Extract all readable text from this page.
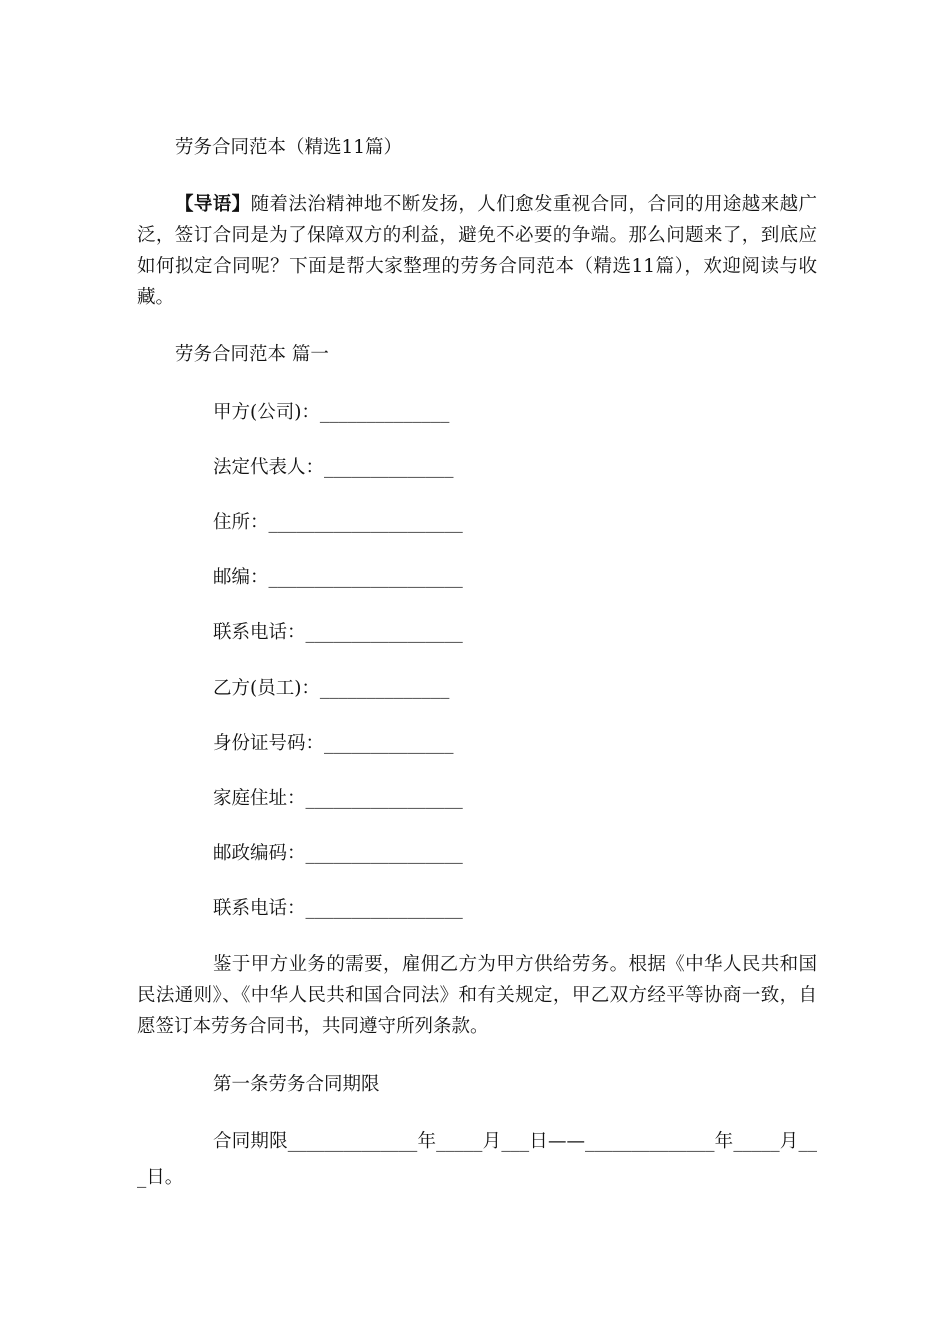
劳务合同范本（精选11篇）
【导语】随着法治精神地不断发扬，人们愈发重视合同，合同的用途越来越广泛，签订合同是为了保障双方的利益，避免不必要的争端。那么问题来了，到底应如何拟定合同呢？下面是帮大家整理的劳务合同范本（精选11篇），欢迎阅读与收藏。
劳务合同范本 篇一
甲方(公司)：______________
法定代表人：______________
住所：_____________________
邮编：_____________________
联系电话：_________________
乙方(员工)：______________
身份证号码：______________
家庭住址：_________________
邮政编码：_________________
联系电话：_________________
鉴于甲方业务的需要，雇佣乙方为甲方供给劳务。根据《中华人民共和国民法通则》、《中华人民共和国合同法》和有关规定，甲乙双方经平等协商一致，自愿签订本劳务合同书，共同遵守所列条款。
第一条劳务合同期限
合同期限______________年_____月___日——______________年_____月___日。
